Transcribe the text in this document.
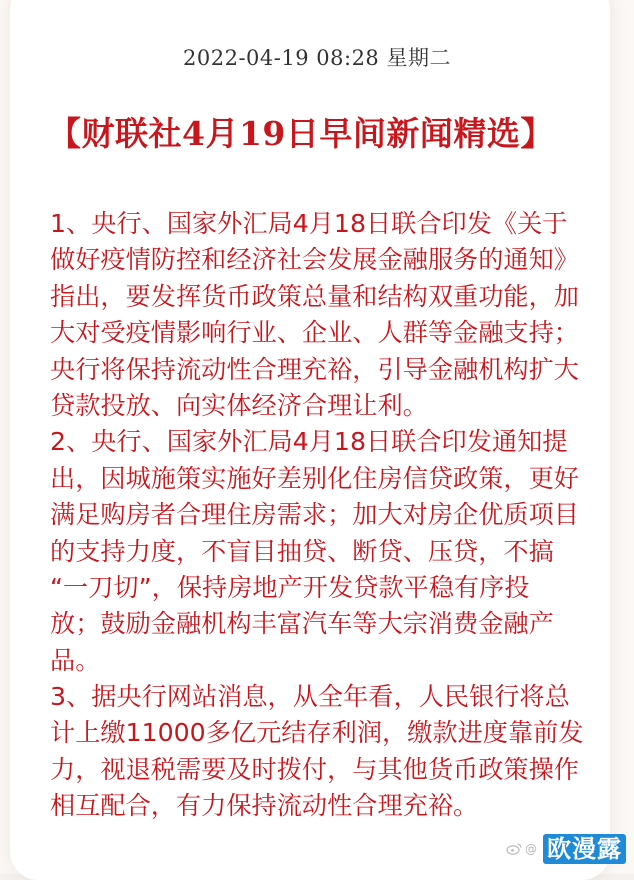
2022-04-19 08:28 星期二
【财联社4月19日早间新闻精选】
1、央行、国家外汇局4月18日联合印发《关于
做好疫情防控和经济社会发展金融服务的通知》
指出，要发挥货币政策总量和结构双重功能，加
大对受疫情影响行业、企业、人群等金融支持；
央行将保持流动性合理充裕，引导金融机构扩大
贷款投放、向实体经济合理让利。
2、央行、国家外汇局4月18日联合印发通知提
出，因城施策实施好差别化住房信贷政策，更好
满足购房者合理住房需求；加大对房企优质项目
的支持力度，不盲目抽贷、断贷、压贷，不搞
“一刀切”，保持房地产开发贷款平稳有序投
放；鼓励金融机构丰富汽车等大宗消费金融产
品。
3、据央行网站消息，从全年看，人民银行将总
计上缴11000多亿元结存利润，缴款进度靠前发
力，视退税需要及时拨付，与其他货币政策操作
相互配合，有力保持流动性合理充裕。
@ 欧漫露
